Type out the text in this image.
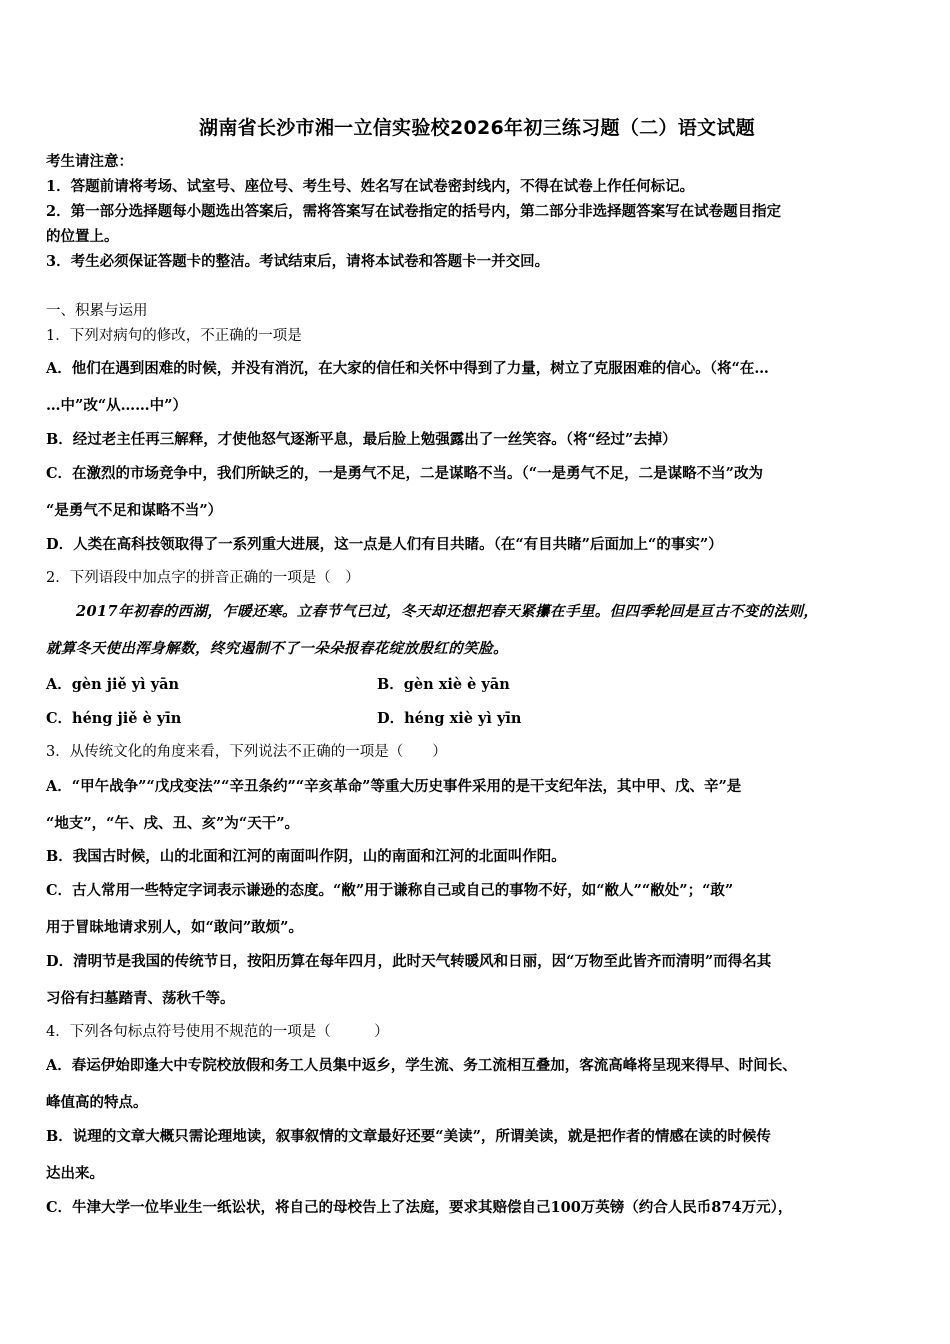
湖南省长沙市湘一立信实验校2026年初三练习题（二）语文试题
考生请注意：
1．答题前请将考场、试室号、座位号、考生号、姓名写在试卷密封线内，不得在试卷上作任何标记。
2．第一部分选择题每小题选出答案后，需将答案写在试卷指定的括号内，第二部分非选择题答案写在试卷题目指定
的位置上。
3．考生必须保证答题卡的整洁。考试结束后，请将本试卷和答题卡一并交回。
一、积累与运用
1．下列对病句的修改，不正确的一项是
A．他们在遇到困难的时候，并没有消沉，在大家的信任和关怀中得到了力量，树立了克服困难的信心。（将“在…
…中”改“从……中”）
B．经过老主任再三解释，才使他怒气逐渐平息，最后脸上勉强露出了一丝笑容。（将“经过”去掉）
C．在激烈的市场竞争中，我们所缺乏的，一是勇气不足，二是谋略不当。（“一是勇气不足，二是谋略不当”改为
“是勇气不足和谋略不当”）
D．人类在高科技领取得了一系列重大进展，这一点是人们有目共睹。（在“有目共睹”后面加上“的事实”）
2．下列语段中加点字的拼音正确的一项是（　）
2017年初春的西湖，乍暖还寒。立春节气已过，冬天却还想把春天紧攥在手里。但四季轮回是亘古不变的法则，
就算冬天使出浑身解数，终究遏制不了一朵朵报春花绽放殷红的笑脸。
A．gèn jiě yì yān	B．gèn xiè è yān
C．héng jiě è yīn	D．héng xiè yì yīn
3．从传统文化的角度来看，下列说法不正确的一项是（　　）
A．“甲午战争”“戊戌变法”“辛丑条约”“辛亥革命”等重大历史事件采用的是干支纪年法，其中甲、戊、辛”是
“地支”，“午、戌、丑、亥”为“天干”。
B．我国古时候，山的北面和江河的南面叫作阴，山的南面和江河的北面叫作阳。
C．古人常用一些特定字词表示谦逊的态度。“敝”用于谦称自己或自己的事物不好，如“敝人”“敝处”；“敢”
用于冒昧地请求别人，如“敢问”敢烦”。
D．清明节是我国的传统节日，按阳历算在每年四月，此时天气转暖风和日丽，因“万物至此皆齐而清明”而得名其
习俗有扫墓踏青、荡秋千等。
4．下列各句标点符号使用不规范的一项是（　　　）
A．春运伊始即逢大中专院校放假和务工人员集中返乡，学生流、务工流相互叠加，客流高峰将呈现来得早、时间长、
峰值高的特点。
B．说理的文章大概只需论理地读，叙事叙情的文章最好还要“美读”，所谓美读，就是把作者的情感在读的时候传
达出来。
C．牛津大学一位毕业生一纸讼状，将自己的母校告上了法庭，要求其赔偿自己100万英镑（约合人民币874万元），
